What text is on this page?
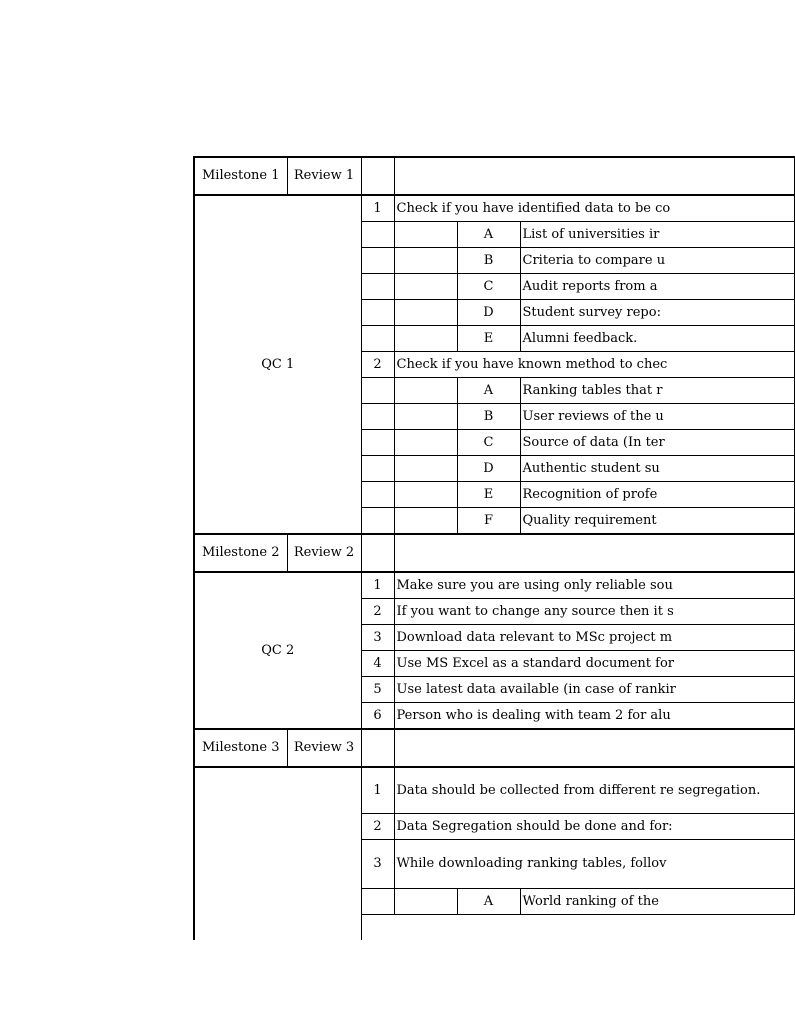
Milestone 1	Review 1				
QC 1		1	Check if you have identified data to be co		
				A	List of universities ir
				B	Criteria to compare u
				C	Audit reports from a
				D	Student survey repo:
				E	Alumni feedback.
		2	Check if you have known method to chec		
				A	Ranking tables that r
				B	User reviews of the u
				C	Source of data (In ter
				D	Authentic student su
				E	Recognition of profe
				F	Quality requirement
Milestone 2	Review 2				
QC 2		1	Make sure you are using only reliable sou		
		2	If you want to change any source then it s		
		3	Download data relevant to MSc project m		
		4	Use MS Excel as a standard document for		
		5	Use latest data available (in case of rankir		
		6	Person who is dealing with team 2 for alu		
Milestone 3	Review 3				
		1	Data should be collected from different re segregation.		
		2	Data Segregation should be done and for:		
		3	While downloading ranking tables, follov		
				A	World ranking of the
